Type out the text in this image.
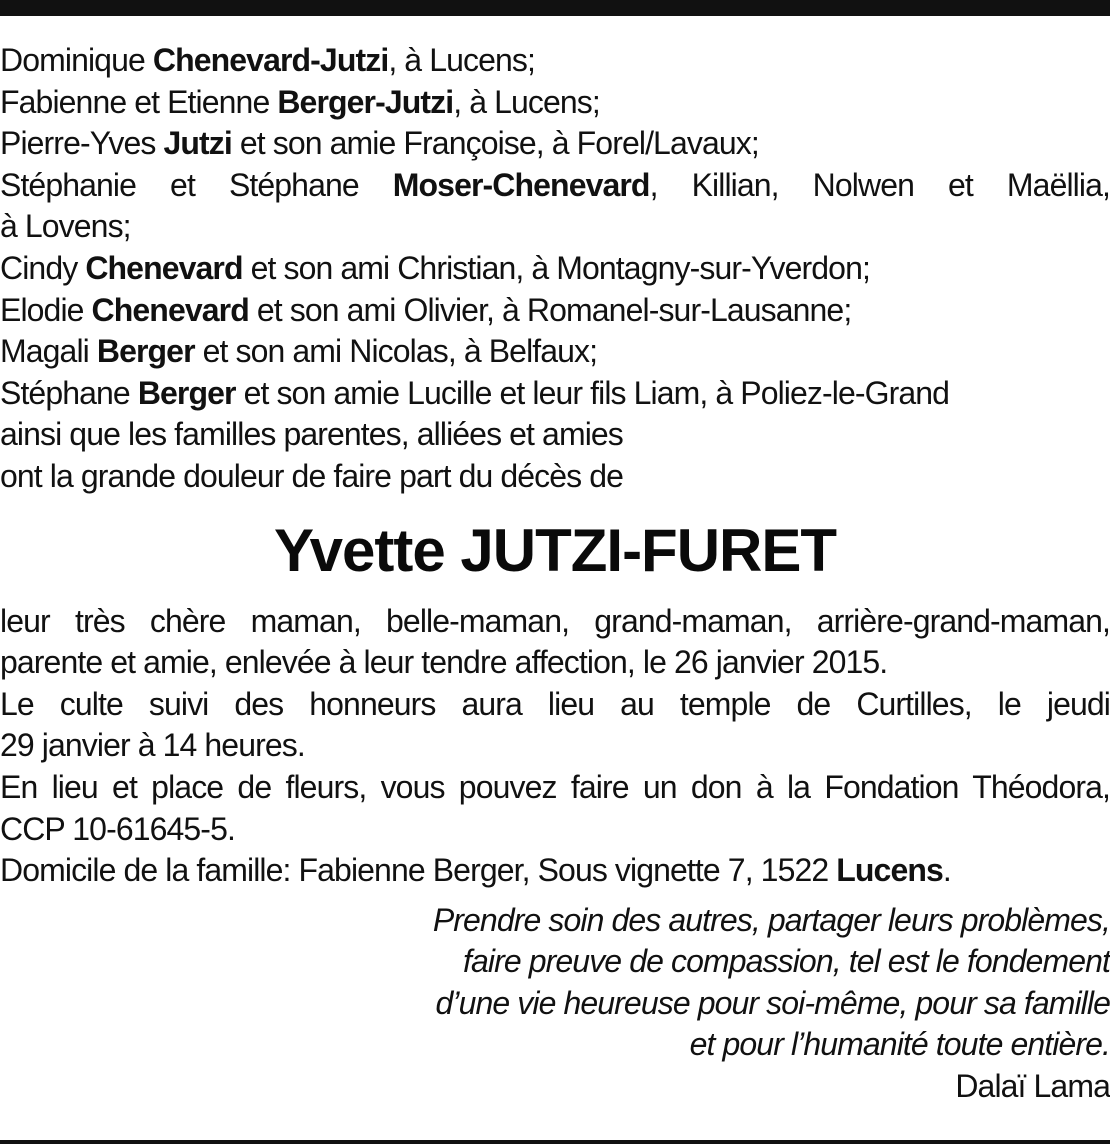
Dominique Chenevard-Jutzi, à Lucens;
Fabienne et Etienne Berger-Jutzi, à Lucens;
Pierre-Yves Jutzi et son amie Françoise, à Forel/Lavaux;
Stéphanie et Stéphane Moser-Chenevard, Killian, Nolwen et Maëllia,
à Lovens;
Cindy Chenevard et son ami Christian, à Montagny-sur-Yverdon;
Elodie Chenevard et son ami Olivier, à Romanel-sur-Lausanne;
Magali Berger et son ami Nicolas, à Belfaux;
Stéphane Berger et son amie Lucille et leur fils Liam, à Poliez-le-Grand
ainsi que les familles parentes, alliées et amies
ont la grande douleur de faire part du décès de
Yvette JUTZI-FURET
leur très chère maman, belle-maman, grand-maman, arrière-grand-maman,
parente et amie, enlevée à leur tendre affection, le 26 janvier 2015.
Le culte suivi des honneurs aura lieu au temple de Curtilles, le jeudi
29 janvier à 14 heures.
En lieu et place de fleurs, vous pouvez faire un don à la Fondation Théodora,
CCP 10-61645-5.
Domicile de la famille: Fabienne Berger, Sous vignette 7, 1522 Lucens.
Prendre soin des autres, partager leurs problèmes,
faire preuve de compassion, tel est le fondement
d’une vie heureuse pour soi-même, pour sa famille
et pour l’humanité toute entière.
Dalaï Lama
